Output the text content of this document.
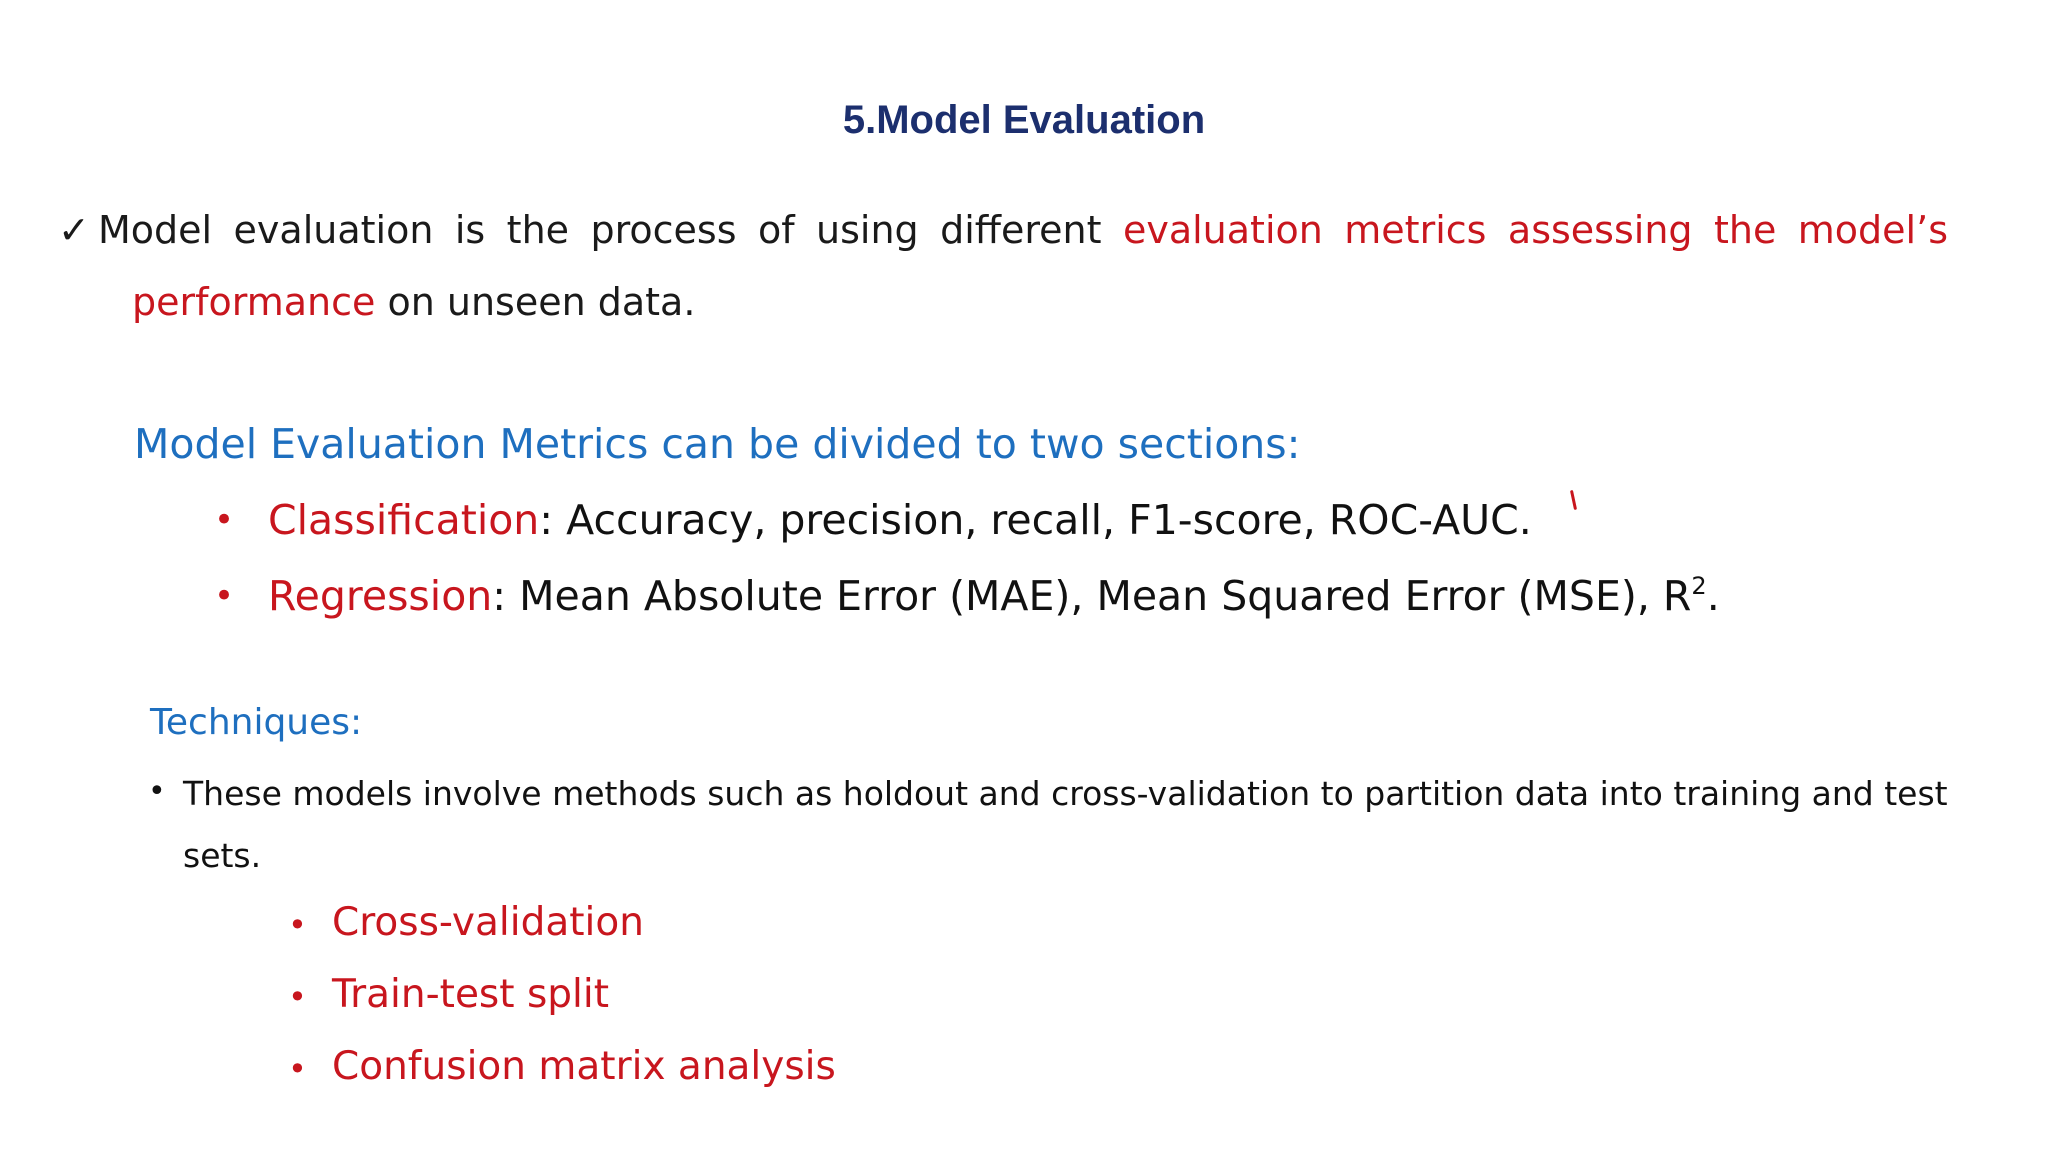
5.Model Evaluation
✓ Model evaluation is the process of using different evaluation metrics assessing the model’s
performance on unseen data.
Model Evaluation Metrics can be divided to two sections:
• Classification: Accuracy, precision, recall, F1-score, ROC-AUC.
• Regression: Mean Absolute Error (MAE), Mean Squared Error (MSE), $R^2$.
Techniques:
• These models involve methods such as holdout and cross-validation to partition data into training and test
sets.
• Cross-validation
• Train-test split
• Confusion matrix analysis
